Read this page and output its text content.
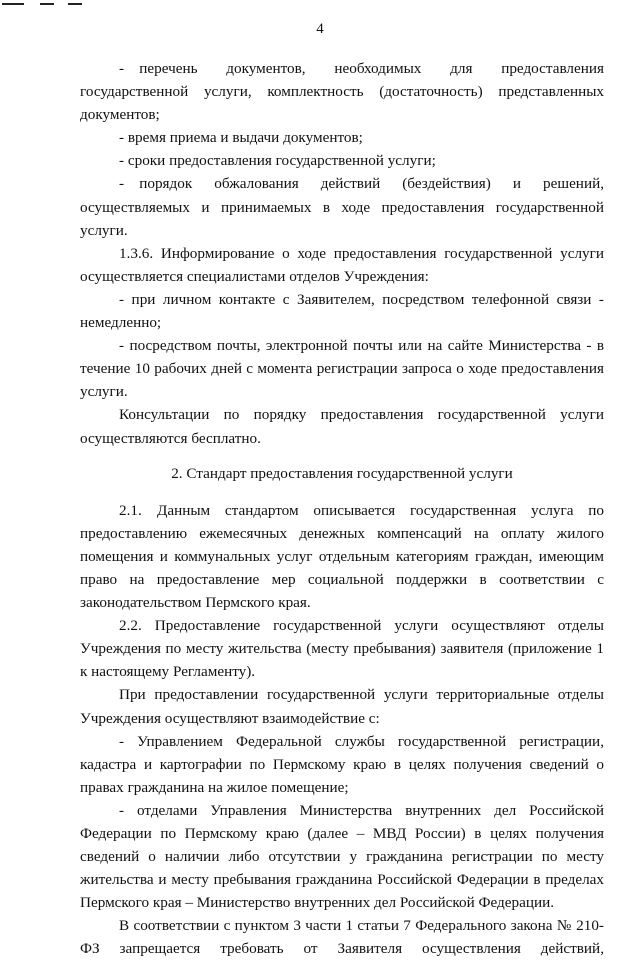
4

- перечень документов, необходимых для предоставления государственной услуги, комплектность (достаточность) представленных документов;

- время приема и выдачи документов;

- сроки предоставления государственной услуги;

- порядок обжалования действий (бездействия) и решений, осуществляемых и принимаемых в ходе предоставления государственной услуги.

1.3.6. Информирование о ходе предоставления государственной услуги осуществляется специалистами отделов Учреждения:

- при личном контакте с Заявителем, посредством телефонной связи - немедленно;

- посредством почты, электронной почты или на сайте Министерства - в течение 10 рабочих дней с момента регистрации запроса о ходе предоставления услуги.

Консультации по порядку предоставления государственной услуги осуществляются бесплатно.

2. Стандарт предоставления государственной услуги

2.1. Данным стандартом описывается государственная услуга по предоставлению ежемесячных денежных компенсаций на оплату жилого помещения и коммунальных услуг отдельным категориям граждан, имеющим право на предоставление мер социальной поддержки в соответствии с законодательством Пермского края.

2.2. Предоставление государственной услуги осуществляют отделы Учреждения по месту жительства (месту пребывания) заявителя (приложение 1 к настоящему Регламенту).

При предоставлении государственной услуги территориальные отделы Учреждения осуществляют взаимодействие с:

- Управлением Федеральной службы государственной регистрации, кадастра и картографии по Пермскому краю в целях получения сведений о правах гражданина на жилое помещение;

- отделами Управления Министерства внутренних дел Российской Федерации по Пермскому краю (далее – МВД России) в целях получения сведений о наличии либо отсутствии у гражданина регистрации по месту жительства и месту пребывания гражданина Российской Федерации в пределах Пермского края – Министерство внутренних дел Российской Федерации.

В соответствии с пунктом 3 части 1 статьи 7 Федерального закона № 210-ФЗ запрещается требовать от Заявителя осуществления действий,
